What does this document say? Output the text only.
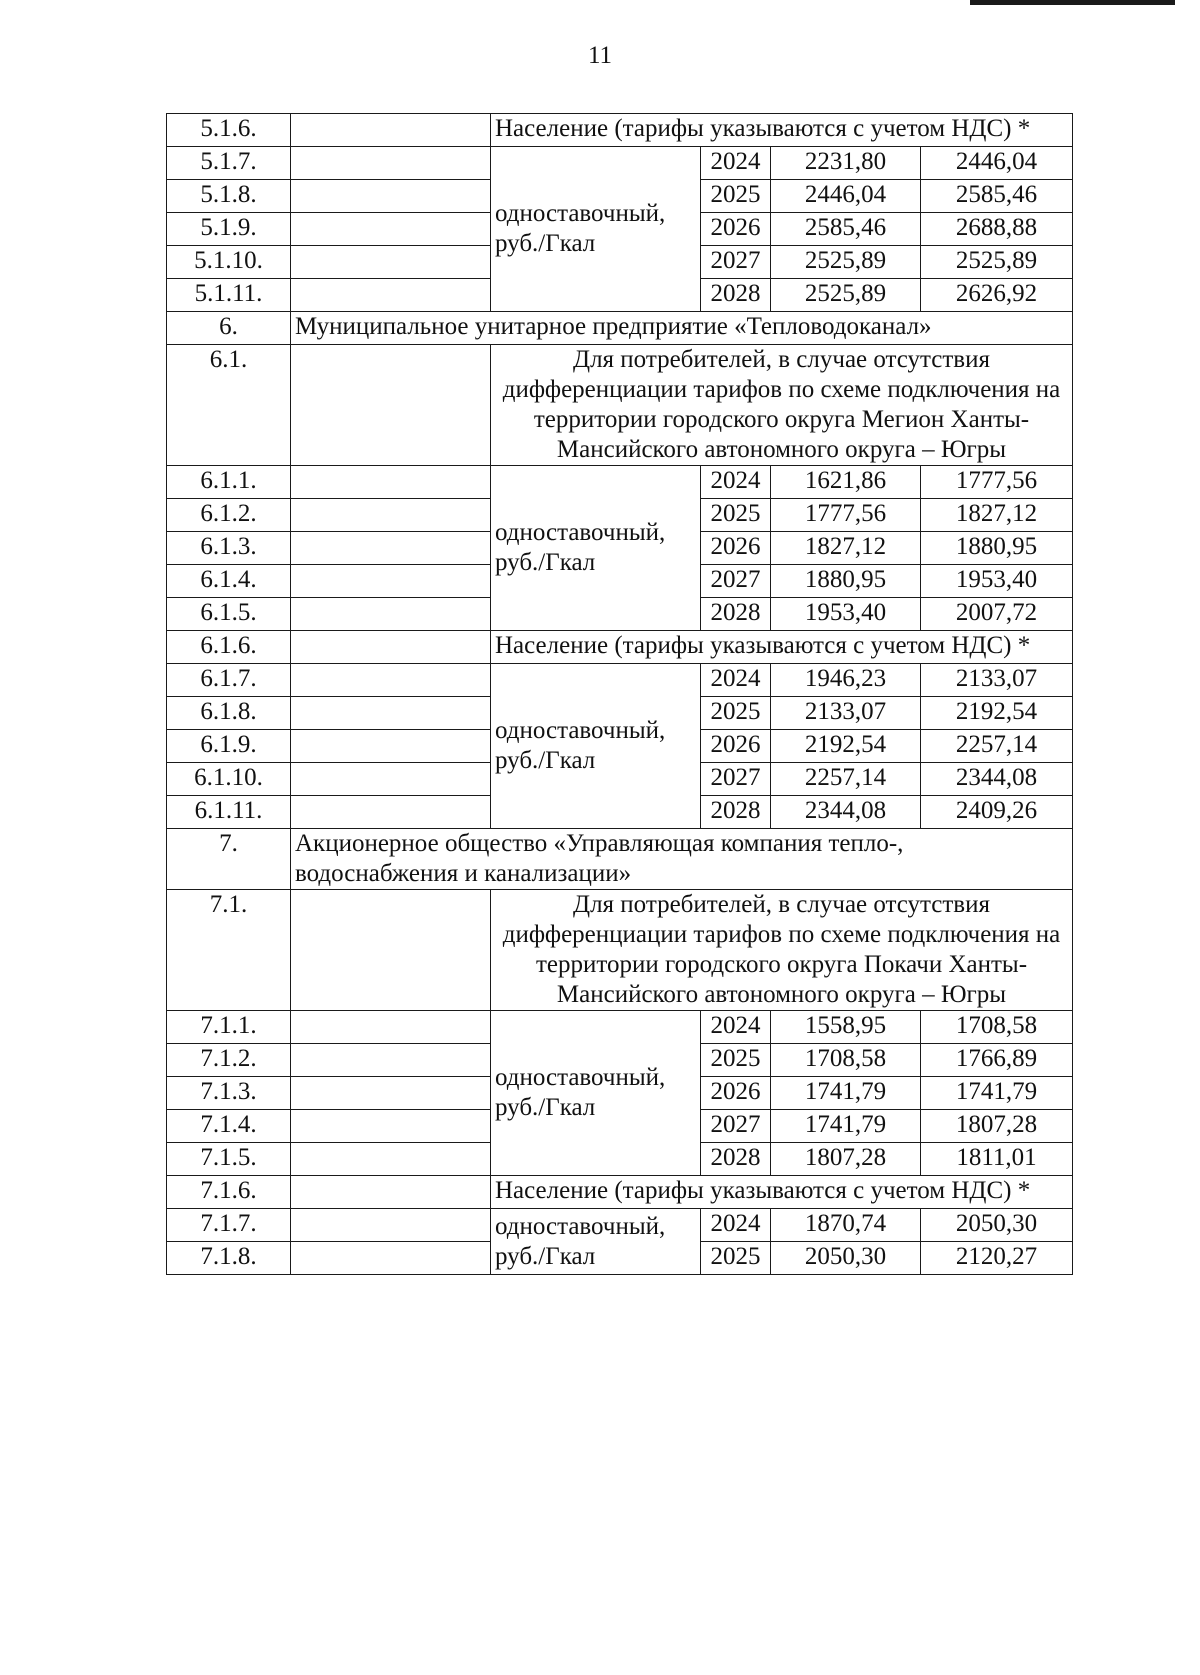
11
5.1.6.		Население (тарифы указываются с учетом НДС) *			
5.1.7.		одноставочный, руб./Гкал	2024	2231,80	2446,04
5.1.8.			2025	2446,04	2585,46
5.1.9.			2026	2585,46	2688,88
5.1.10.			2027	2525,89	2525,89
5.1.11.			2028	2525,89	2626,92
6.	Муниципальное унитарное предприятие «Тепловодоканал»				
6.1.		Для потребителей, в случае отсутствия дифференциации тарифов по схеме подключения на территории городского округа Мегион Ханты-Мансийского автономного округа – Югры			
6.1.1.		одноставочный, руб./Гкал	2024	1621,86	1777,56
6.1.2.			2025	1777,56	1827,12
6.1.3.			2026	1827,12	1880,95
6.1.4.			2027	1880,95	1953,40
6.1.5.			2028	1953,40	2007,72
6.1.6.		Население (тарифы указываются с учетом НДС) *			
6.1.7.		одноставочный, руб./Гкал	2024	1946,23	2133,07
6.1.8.			2025	2133,07	2192,54
6.1.9.			2026	2192,54	2257,14
6.1.10.			2027	2257,14	2344,08
6.1.11.			2028	2344,08	2409,26
7.	Акционерное общество «Управляющая компания тепло-, водоснабжения и канализации»				
7.1.		Для потребителей, в случае отсутствия дифференциации тарифов по схеме подключения на территории городского округа Покачи Ханты-Мансийского автономного округа – Югры			
7.1.1.		одноставочный, руб./Гкал	2024	1558,95	1708,58
7.1.2.			2025	1708,58	1766,89
7.1.3.			2026	1741,79	1741,79
7.1.4.			2027	1741,79	1807,28
7.1.5.			2028	1807,28	1811,01
7.1.6.		Население (тарифы указываются с учетом НДС) *			
7.1.7.		одноставочный, руб./Гкал	2024	1870,74	2050,30
7.1.8.			2025	2050,30	2120,27
